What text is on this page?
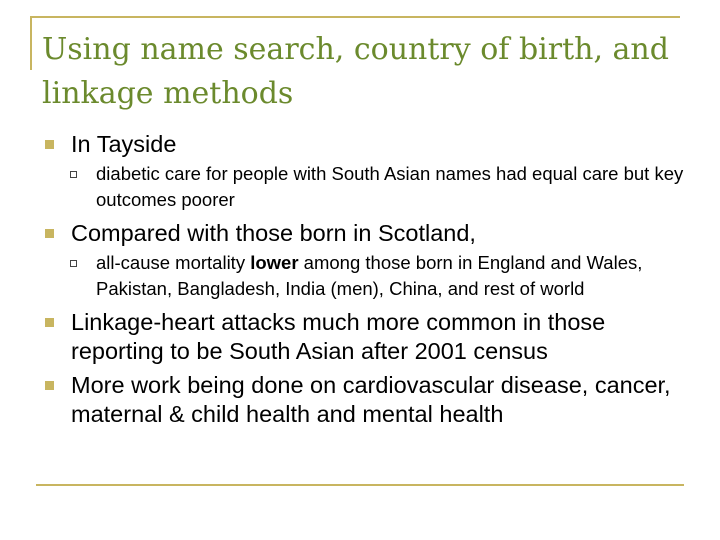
Using name search, country of birth, and linkage methods

In Tayside

diabetic care for people with South Asian names had equal care but key outcomes poorer

Compared with those born in Scotland,

all-cause mortality lower among those born in England and Wales, Pakistan, Bangladesh, India (men), China, and rest of world

Linkage-heart attacks much more common in those reporting to be South Asian after 2001 census

More work being done on cardiovascular disease, cancer, maternal & child health and mental health
